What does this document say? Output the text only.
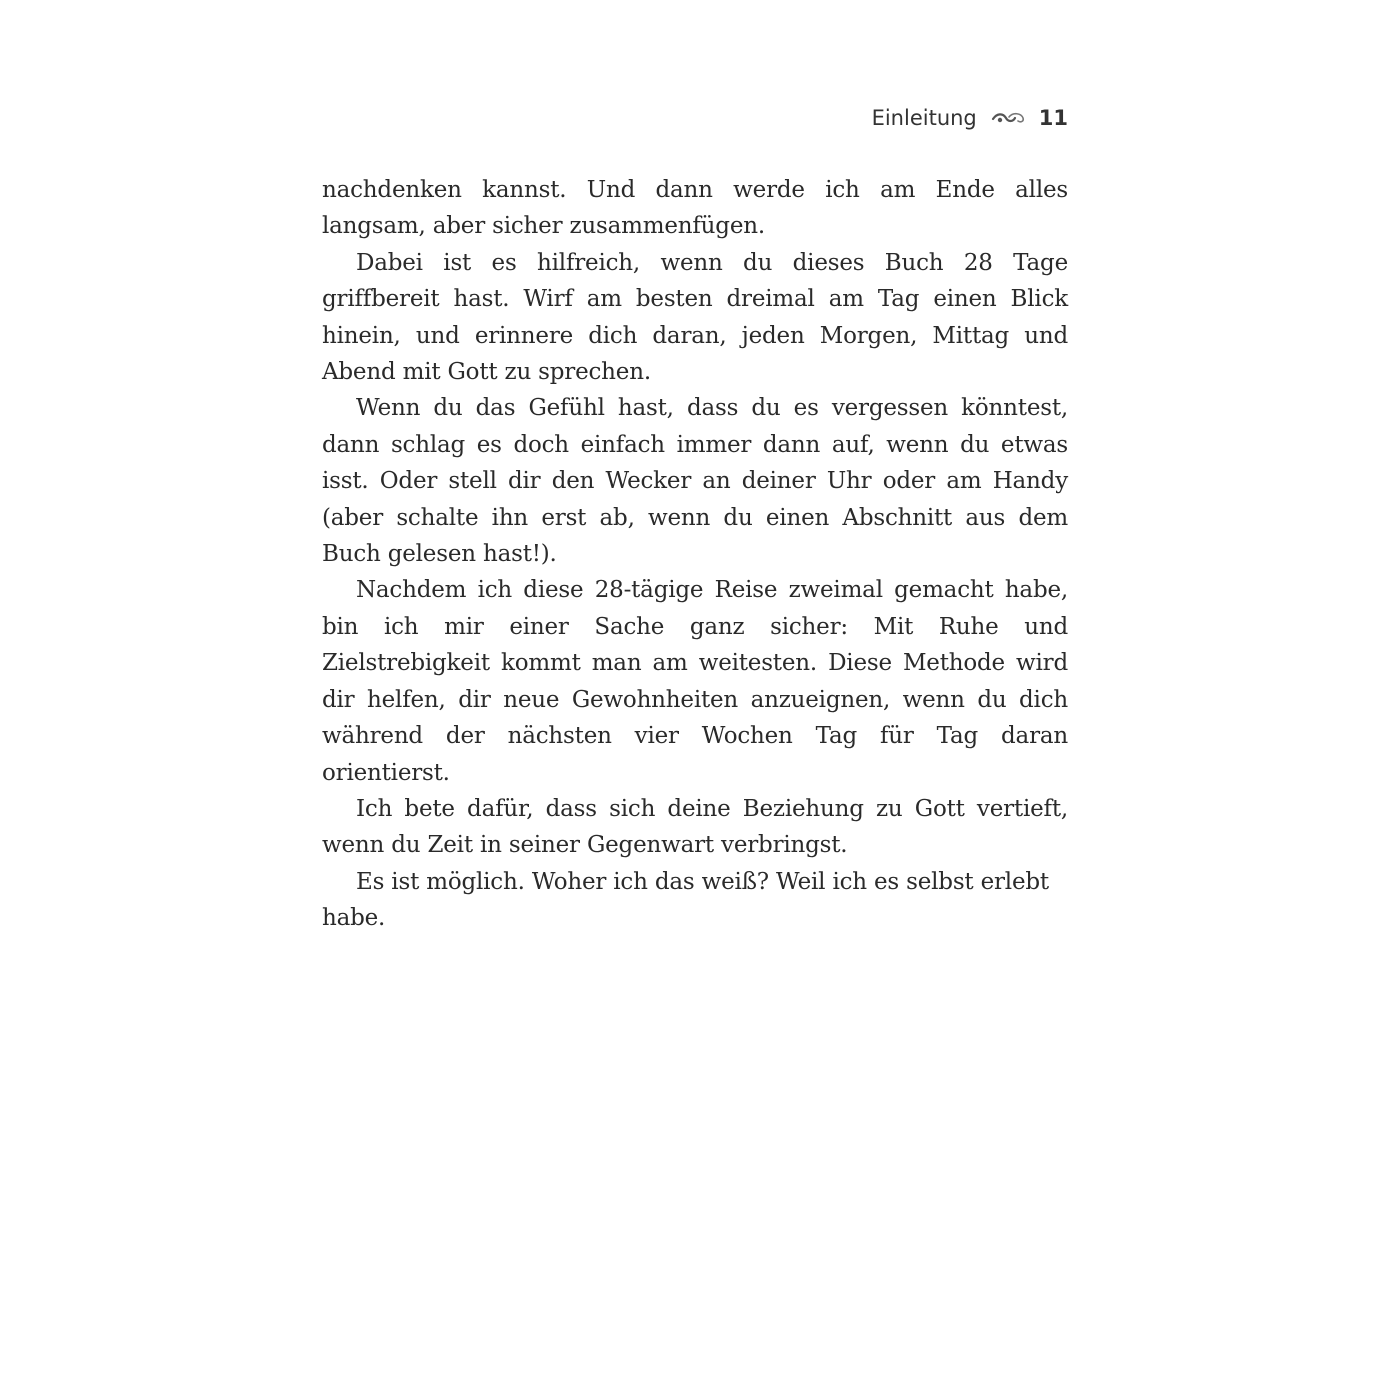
Einleitung	11

nachdenken kannst. Und dann werde ich am Ende alles langsam, aber sicher zusammenfügen.

Dabei ist es hilfreich, wenn du dieses Buch 28 Tage griffbereit hast. Wirf am besten dreimal am Tag einen Blick hinein, und erinnere dich daran, jeden Morgen, Mittag und Abend mit Gott zu sprechen.

Wenn du das Gefühl hast, dass du es vergessen könntest, dann schlag es doch einfach immer dann auf, wenn du etwas isst. Oder stell dir den Wecker an deiner Uhr oder am Handy (aber schalte ihn erst ab, wenn du einen Abschnitt aus dem Buch gelesen hast!).

Nachdem ich diese 28-tägige Reise zweimal gemacht habe, bin ich mir einer Sache ganz sicher: Mit Ruhe und Zielstrebigkeit kommt man am weitesten. Diese Methode wird dir helfen, dir neue Gewohnheiten anzueignen, wenn du dich während der nächsten vier Wochen Tag für Tag daran orientierst.

Ich bete dafür, dass sich deine Beziehung zu Gott vertieft, wenn du Zeit in seiner Gegenwart verbringst.

Es ist möglich. Woher ich das weiß? Weil ich es selbst erlebt habe.
